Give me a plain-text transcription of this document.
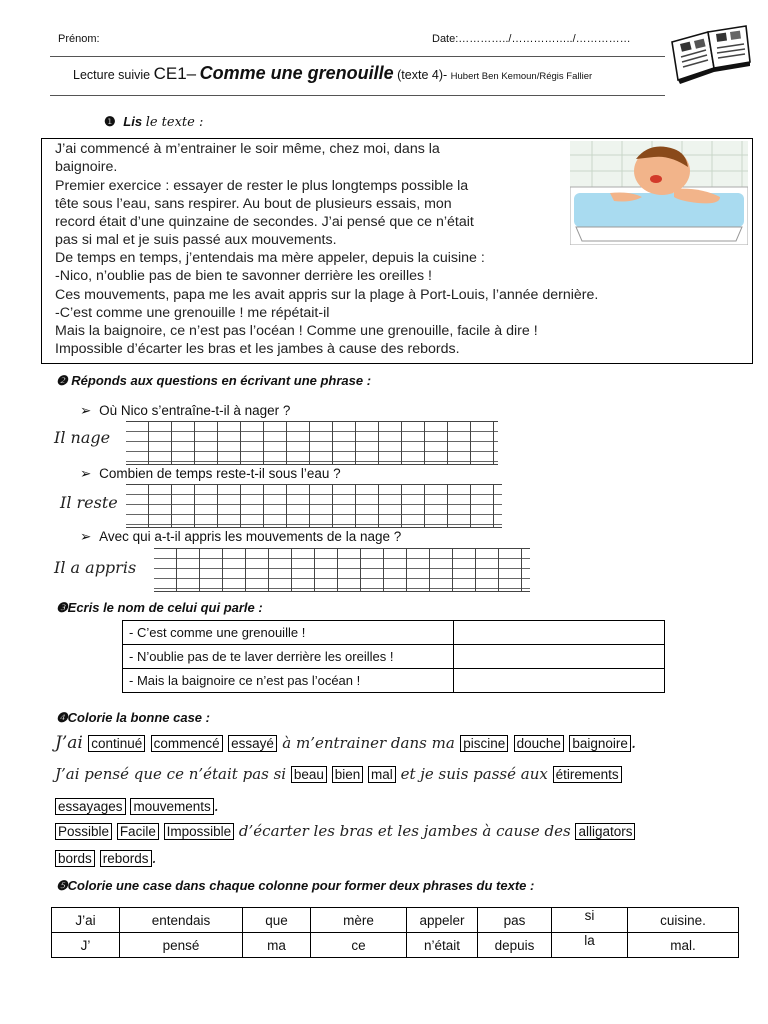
Prénom:	Date:…………../……………../……………
Lecture suivie CE1– Comme une grenouille (texte 4)- Hubert Ben Kemoun/Régis Fallier
❶ Lis le texte :
J’ai commencé à m’entrainer le soir même, chez moi, dans la
baignoire.
Premier exercice : essayer de rester le plus longtemps possible la
tête sous l’eau, sans respirer. Au bout de plusieurs essais, mon
record était d’une quinzaine de secondes. J’ai pensé que ce n’était
pas si mal et je suis passé aux mouvements.
De temps en temps, j’entendais ma mère appeler, depuis la cuisine :
-Nico, n’oublie pas de bien te savonner derrière les oreilles !
Ces mouvements, papa me les avait appris sur la plage à Port-Louis, l’année dernière.
-C’est comme une grenouille ! me répétait-il
Mais la baignoire, ce n’est pas l’océan ! Comme une grenouille, facile à dire !
Impossible d’écarter les bras et les jambes à cause des rebords.
❷ Réponds aux questions en écrivant une phrase :
➢ Où Nico s’entraîne-t-il à nager ?
Il nage
➢ Combien de temps reste-t-il sous l’eau ?
Il reste
➢ Avec qui a-t-il appris les mouvements de la nage ?
Il a appris
❸Ecris le nom de celui qui parle :
- C’est comme une grenouille !	
- N’oublie pas de te laver derrière les oreilles !	
- Mais la baignoire ce n’est pas l’océan !	
❹Colorie la bonne case :
J’ai continué commencé essayé à m’entrainer dans ma piscine douche baignoire .
J’ai pensé que ce n’était pas si beau bien mal et je suis passé aux étirements
essayages mouvements .
Possible Facile Impossible d’écarter les bras et les jambes à cause des alligators
bords rebords .
❺Colorie une case dans chaque colonne pour former deux phrases du texte :
J’ai	entendais	que	mère	appeler	pas	si	cuisine.
J’	pensé	ma	ce	n’était	depuis	la	mal.
